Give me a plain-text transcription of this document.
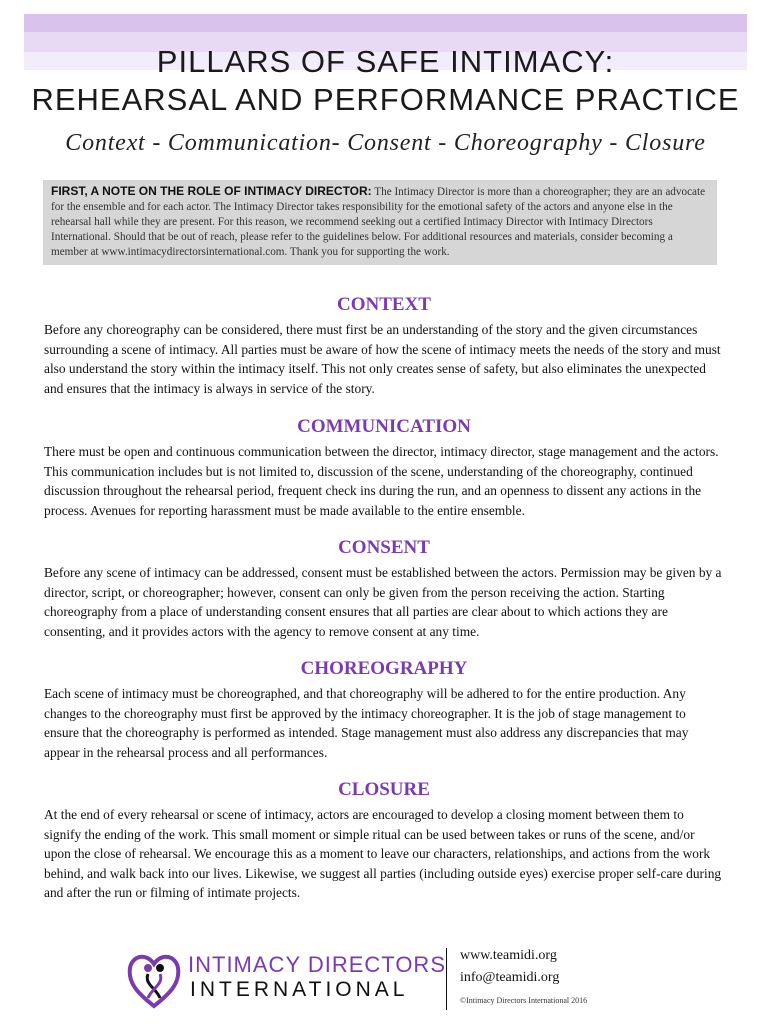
PILLARS OF SAFE INTIMACY:
REHEARSAL AND PERFORMANCE PRACTICE
Context - Communication- Consent - Choreography - Closure
FIRST, A NOTE ON THE ROLE OF INTIMACY DIRECTOR: The Intimacy Director is more than a choreographer; they are an advocate for the ensemble and for each actor. The Intimacy Director takes responsibility for the emotional safety of the actors and anyone else in the rehearsal hall while they are present. For this reason, we recommend seeking out a certified Intimacy Director with Intimacy Directors International. Should that be out of reach, please refer to the guidelines below. For additional resources and materials, consider becoming a member at www.intimacydirectorsinternational.com. Thank you for supporting the work.
CONTEXT

Before any choreography can be considered, there must first be an understanding of the story and the given circumstances surrounding a scene of intimacy. All parties must be aware of how the scene of intimacy meets the needs of the story and must also understand the story within the intimacy itself. This not only creates sense of safety, but also eliminates the unexpected and ensures that the intimacy is always in service of the story.

COMMUNICATION

There must be open and continuous communication between the director, intimacy director, stage management and the actors. This communication includes but is not limited to, discussion of the scene, understanding of the choreography, continued discussion throughout the rehearsal period, frequent check ins during the run, and an openness to dissent any actions in the process. Avenues for reporting harassment must be made available to the entire ensemble.

CONSENT

Before any scene of intimacy can be addressed, consent must be established between the actors. Permission may be given by a director, script, or choreographer; however, consent can only be given from the person receiving the action. Starting choreography from a place of understanding consent ensures that all parties are clear about to which actions they are consenting, and it provides actors with the agency to remove consent at any time.

CHOREOGRAPHY

Each scene of intimacy must be choreographed, and that choreography will be adhered to for the entire production. Any changes to the choreography must first be approved by the intimacy choreographer. It is the job of stage management to ensure that the choreography is performed as intended. Stage management must also address any discrepancies that may appear in the rehearsal process and all performances.

CLOSURE

At the end of every rehearsal or scene of intimacy, actors are encouraged to develop a closing moment between them to signify the ending of the work. This small moment or simple ritual can be used between takes or runs of the scene, and/or upon the close of rehearsal. We encourage this as a moment to leave our characters, relationships, and actions from the work behind, and walk back into our lives. Likewise, we suggest all parties (including outside eyes) exercise proper self-care during and after the run or filming of intimate projects.

INTIMACY DIRECTORS
INTERNATIONAL
www.teamidi.org
info@teamidi.org
©Intimacy Directors International 2016
